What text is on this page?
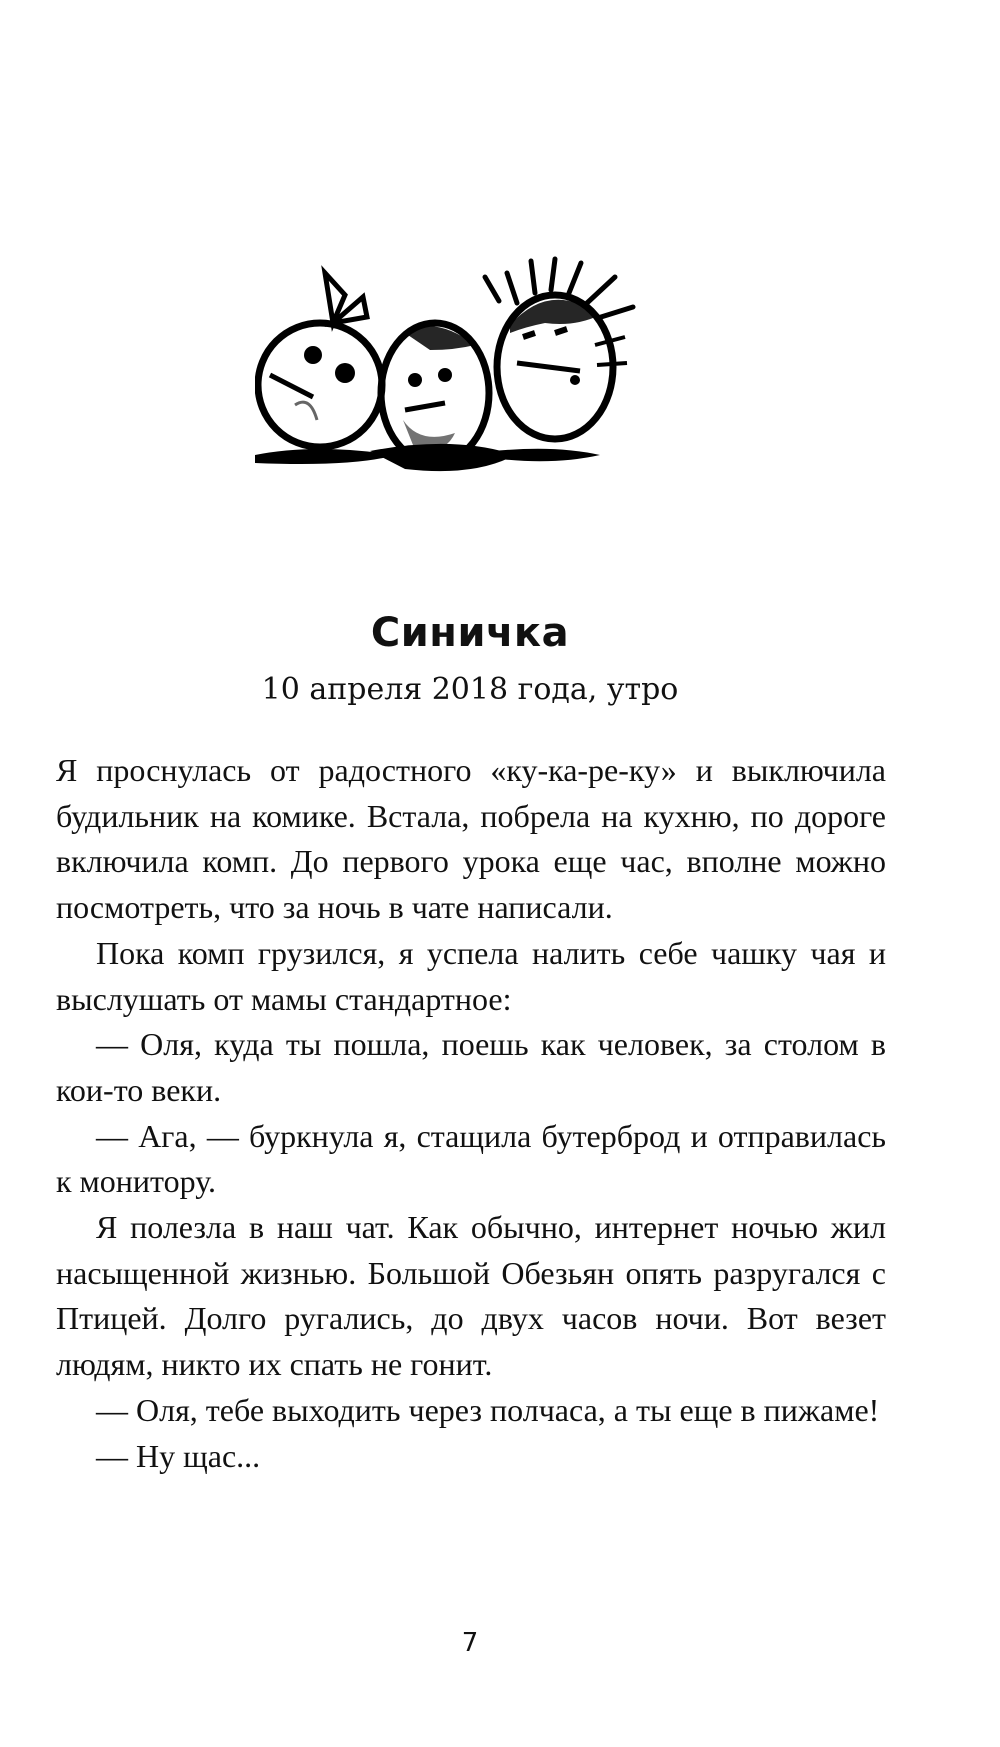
Синичка
10 апреля 2018 года, утро

Я проснулась от радостного «ку-ка-ре-ку» и выключила будильник на комике. Встала, побрела на кухню, по дороге включила комп. До первого урока еще час, вполне можно посмотреть, что за ночь в чате написали.

Пока комп грузился, я успела налить себе чашку чая и выслушать от мамы стандартное:

— Оля, куда ты пошла, поешь как человек, за столом в кои-то веки.

— Ага, — буркнула я, стащила бутерброд и отправилась к монитору.

Я полезла в наш чат. Как обычно, интернет ночью жил насыщенной жизнью. Большой Обезьян опять разругался с Птицей. Долго ругались, до двух часов ночи. Вот везет людям, никто их спать не гонит.

— Оля, тебе выходить через полчаса, а ты еще в пижаме!

— Ну щас...

7
